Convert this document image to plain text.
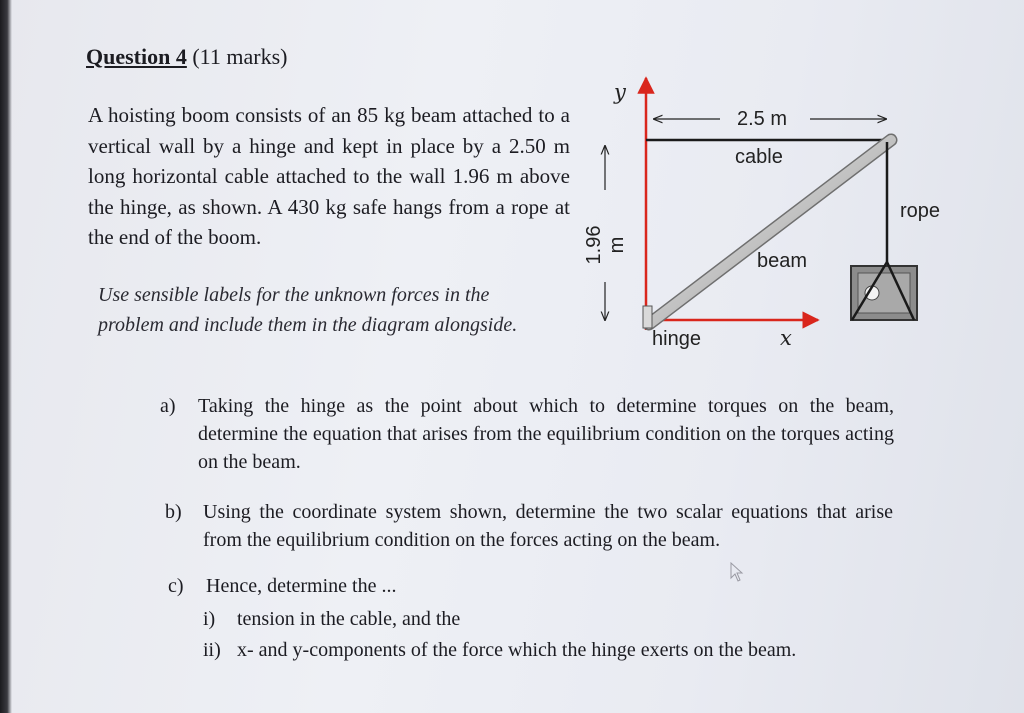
Question 4 (11 marks)
A hoisting boom consists of an 85 kg beam attached to a vertical wall by a hinge and kept in place by a 2.50 m long horizontal cable attached to the wall 1.96 m above the hinge, as shown. A 430 kg safe hangs from a rope at the end of the boom.
Use sensible labels for the unknown forces in the problem and include them in the diagram alongside.
y
x
2.5 m
cable
rope
beam
hinge
1.96 m
a) Taking the hinge as the point about which to determine torques on the beam, determine the equation that arises from the equilibrium condition on the torques acting on the beam.
b) Using the coordinate system shown, determine the two scalar equations that arise from the equilibrium condition on the forces acting on the beam.
c) Hence, determine the ...
i) tension in the cable, and the
ii) x- and y-components of the force which the hinge exerts on the beam.
